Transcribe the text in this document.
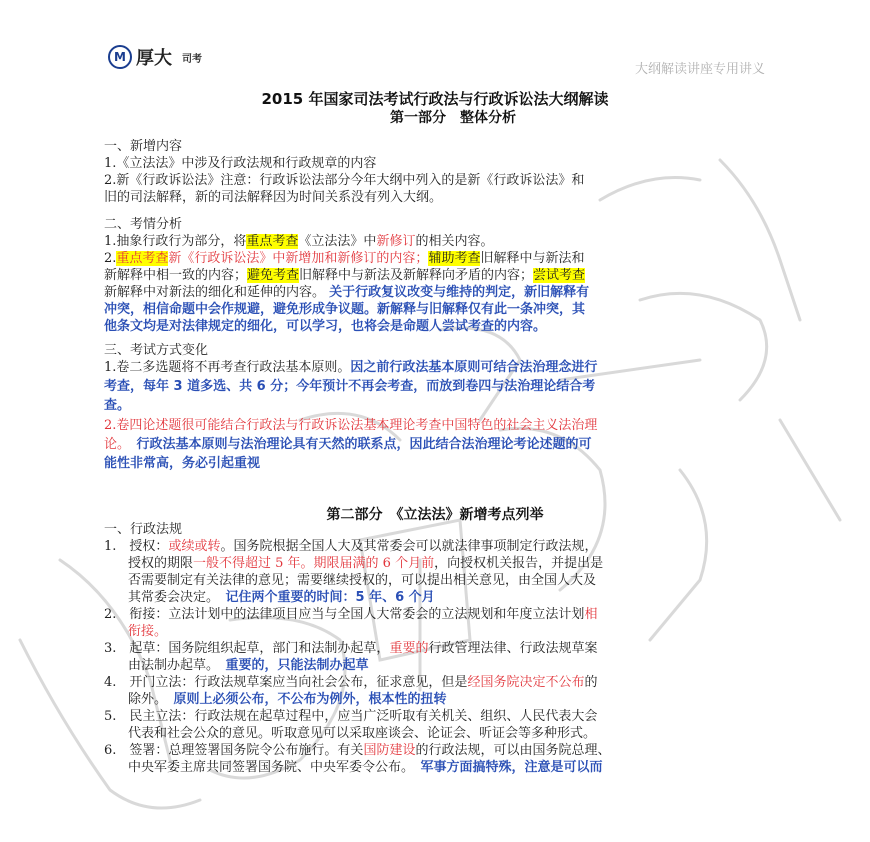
M 厚大 司考
大纲解读讲座专用讲义
2015 年国家司法考试行政法与行政诉讼法大纲解读
第一部分　整体分析
一、新增内容
1.《立法法》中涉及行政法规和行政规章的内容
2.新《行政诉讼法》注意：行政诉讼法部分今年大纲中列入的是新《行政诉讼法》和
旧的司法解释，新的司法解释因为时间关系没有列入大纲。
二、考情分析
1.抽象行政行为部分，将重点考查《立法法》中新修订的相关内容。
2.重点考查新《行政诉讼法》中新增加和新修订的内容；辅助考查旧解释中与新法和
新解释中相一致的内容；避免考查旧解释中与新法及新解释向矛盾的内容；尝试考查
新解释中对新法的细化和延伸的内容。 关于行政复议改变与维持的判定，新旧解释有
冲突，相信命题中会作规避，避免形成争议题。新解释与旧解释仅有此一条冲突，其
他条文均是对法律规定的细化，可以学习，也将会是命题人尝试考查的内容。
三、考试方式变化
1.卷二多选题将不再考查行政法基本原则。因之前行政法基本原则可结合法治理念进行
考查，每年 3 道多选、共 6 分；今年预计不再会考查，而放到卷四与法治理论结合考
查。
2.卷四论述题很可能结合行政法与行政诉讼法基本理论考查中国特色的社会主义法治理
论。　 行政法基本原则与法治理论具有天然的联系点，因此结合法治理论考论述题的可
能性非常高，务必引起重视
第二部分　《立法法》新增考点列举
一、行政法规
1.　 授权：或续或转。国务院根据全国人大及其常委会可以就法律事项制定行政法规，
授权的期限一般不得超过 5 年。期限届满的 6 个月前，向授权机关报告，并提出是
否需要制定有关法律的意见；需要继续授权的，可以提出相关意见，由全国人大及
其常委会决定。　 记住两个重要的时间：5 年、6 个月
2.　 衔接：立法计划中的法律项目应当与全国人大常委会的立法规划和年度立法计划相
衔接。
3.　 起草：国务院组织起草，部门和法制办起草，重要的行政管理法律、行政法规草案
由法制办起草。　 重要的，只能法制办起草
4.　 开门立法：行政法规草案应当向社会公布，征求意见，但是经国务院决定不公布的
除外。　 原则上必须公布，不公布为例外，根本性的扭转
5.　 民主立法：行政法规在起草过程中，应当广泛听取有关机关、组织、人民代表大会
代表和社会公众的意见。听取意见可以采取座谈会、论证会、听证会等多种形式。
6.　 签署：总理签署国务院令公布施行。有关国防建设的行政法规，可以由国务院总理、
中央军委主席共同签署国务院、中央军委令公布。　 军事方面搞特殊，注意是可以而
